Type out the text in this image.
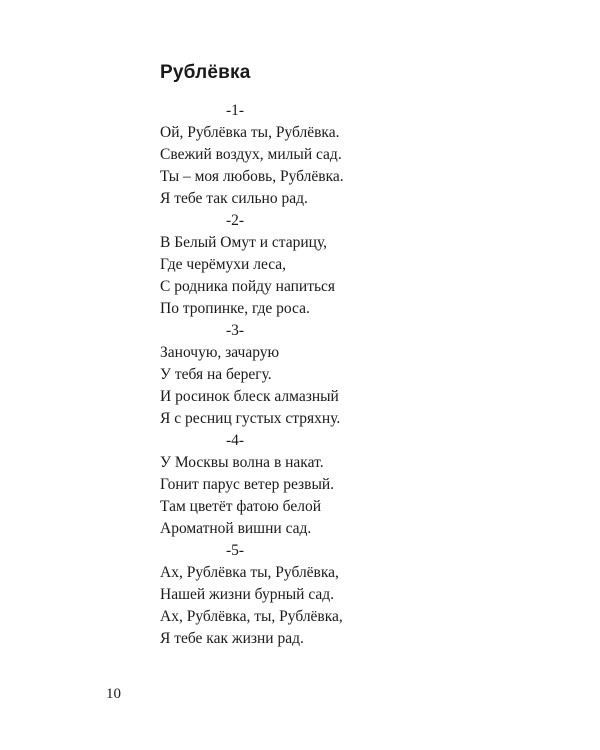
Рублёвка
-1-
Ой, Рублёвка ты, Рублёвка.
Свежий воздух, милый сад.
Ты – моя любовь, Рублёвка.
Я тебе так сильно рад.
-2-
В Белый Омут и старицу,
Где черёмухи леса,
С родника пойду напиться
По тропинке, где роса.
-3-
Заночую, зачарую
У тебя на берегу.
И росинок блеск алмазный
Я с ресниц густых стряхну.
-4-
У Москвы волна в накат.
Гонит парус ветер резвый.
Там цветёт фатою белой
Ароматной вишни сад.
-5-
Ах, Рублёвка ты, Рублёвка,
Нашей жизни бурный сад.
Ах, Рублёвка, ты, Рублёвка,
Я тебе как жизни рад.
10
